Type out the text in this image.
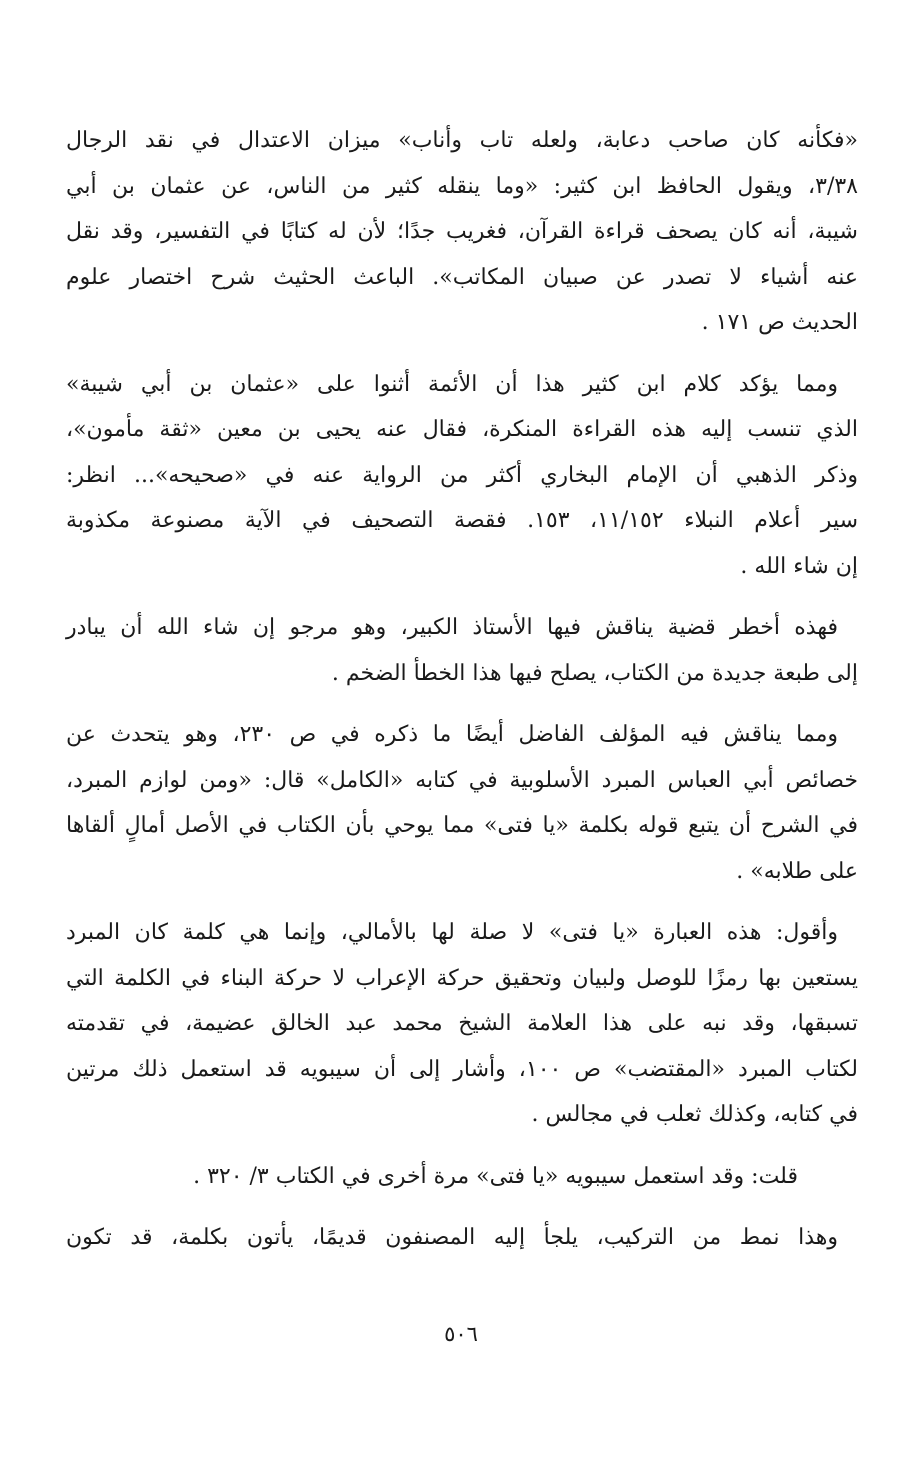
«فكأنه كان صاحب دعابة، ولعله تاب وأناب» ميزان الاعتدال في نقد الرجال
٣/٣٨، ويقول الحافظ ابن كثير: «وما ينقله كثير من الناس، عن عثمان بن أبي
شيبة، أنه كان يصحف قراءة القرآن، فغريب جدًا؛ لأن له كتابًا في التفسير، وقد نقل
عنه أشياء لا تصدر عن صبيان المكاتب». الباعث الحثيث شرح اختصار علوم
الحديث ص ١٧١ .
ومما يؤكد كلام ابن كثير هذا أن الأئمة أثنوا على «عثمان بن أبي شيبة»
الذي تنسب إليه هذه القراءة المنكرة، فقال عنه يحيى بن معين «ثقة مأمون»،
وذكر الذهبي أن الإمام البخاري أكثر من الرواية عنه في «صحيحه»... انظر:
سير أعلام النبلاء ١١/١٥٢، ١٥٣. فقصة التصحيف في الآية مصنوعة مكذوبة
إن شاء الله .
فهذه أخطر قضية يناقش فيها الأستاذ الكبير، وهو مرجو إن شاء الله أن يبادر
إلى طبعة جديدة من الكتاب، يصلح فيها هذا الخطأ الضخم .
ومما يناقش فيه المؤلف الفاضل أيضًا ما ذكره في ص ٢٣٠، وهو يتحدث عن
خصائص أبي العباس المبرد الأسلوبية في كتابه «الكامل» قال: «ومن لوازم المبرد،
في الشرح أن يتبع قوله بكلمة «يا فتى» مما يوحي بأن الكتاب في الأصل أمالٍ ألقاها
على طلابه» .
وأقول: هذه العبارة «يا فتى» لا صلة لها بالأمالي، وإنما هي كلمة كان المبرد
يستعين بها رمزًا للوصل ولبيان وتحقيق حركة الإعراب لا حركة البناء في الكلمة التي
تسبقها، وقد نبه على هذا العلامة الشيخ محمد عبد الخالق عضيمة، في تقدمته
لكتاب المبرد «المقتضب» ص ١٠٠، وأشار إلى أن سيبويه قد استعمل ذلك مرتين
في كتابه، وكذلك ثعلب في مجالس .
قلت: وقد استعمل سيبويه «يا فتى» مرة أخرى في الكتاب ٣/ ٣٢٠ .
وهذا نمط من التركيب، يلجأ إليه المصنفون قديمًا، يأتون بكلمة، قد تكون
٥٠٦
